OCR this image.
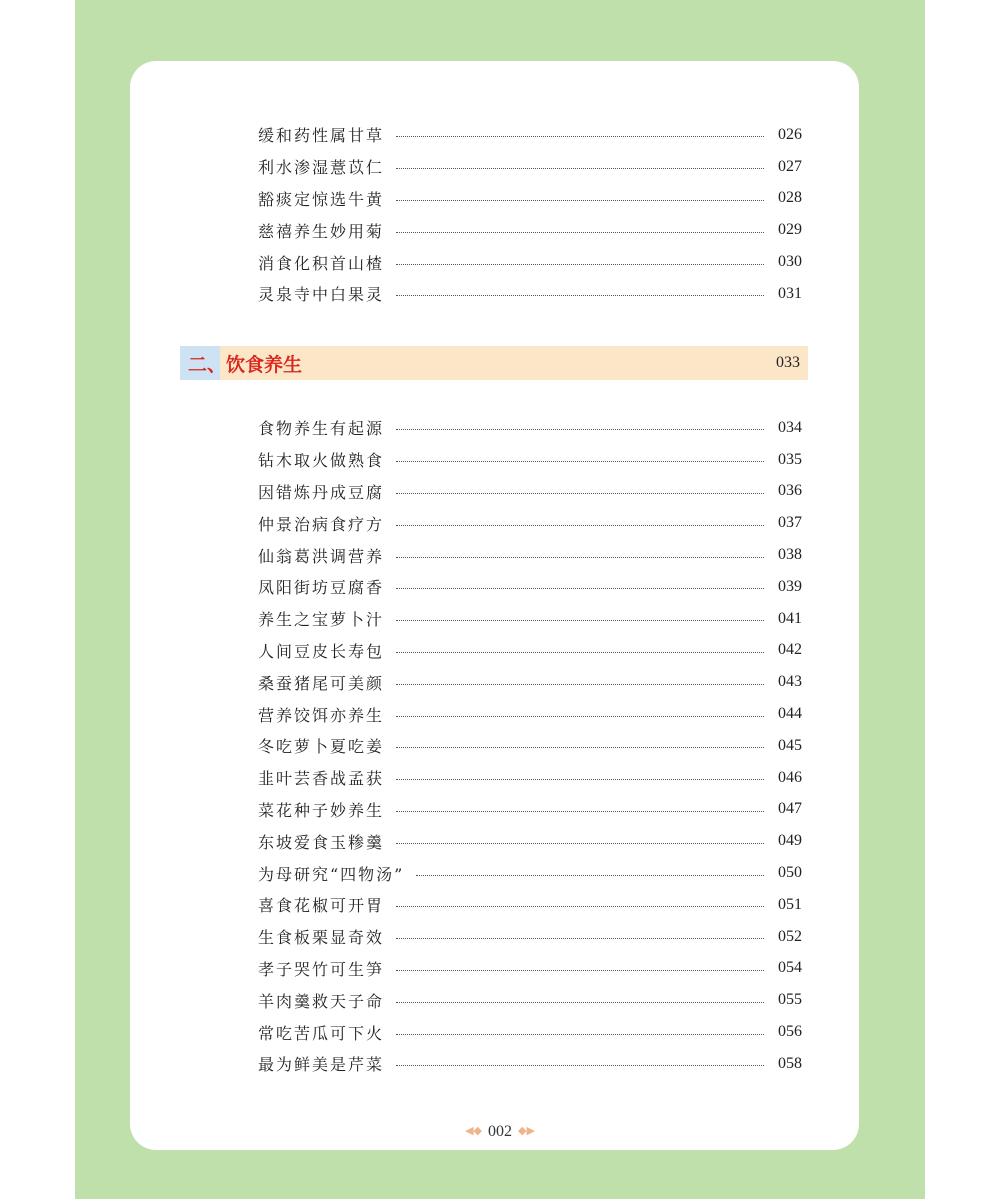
缓和药性属甘草	026
利水渗湿薏苡仁	027
豁痰定惊选牛黄	028
慈禧养生妙用菊	029
消食化积首山楂	030
灵泉寺中白果灵	031
二、饮食养生	033
食物养生有起源	034
钻木取火做熟食	035
因错炼丹成豆腐	036
仲景治病食疗方	037
仙翁葛洪调营养	038
凤阳街坊豆腐香	039
养生之宝萝卜汁	041
人间豆皮长寿包	042
桑蚕猪尾可美颜	043
营养饺饵亦养生	044
冬吃萝卜夏吃姜	045
韭叶芸香战孟获	046
菜花种子妙养生	047
东坡爱食玉糁羹	049
为母研究“四物汤”	050
喜食花椒可开胃	051
生食板栗显奇效	052
孝子哭竹可生笋	054
羊肉羹救天子命	055
常吃苦瓜可下火	056
最为鲜美是芹菜	058
◀◆ 002 ◆▶
